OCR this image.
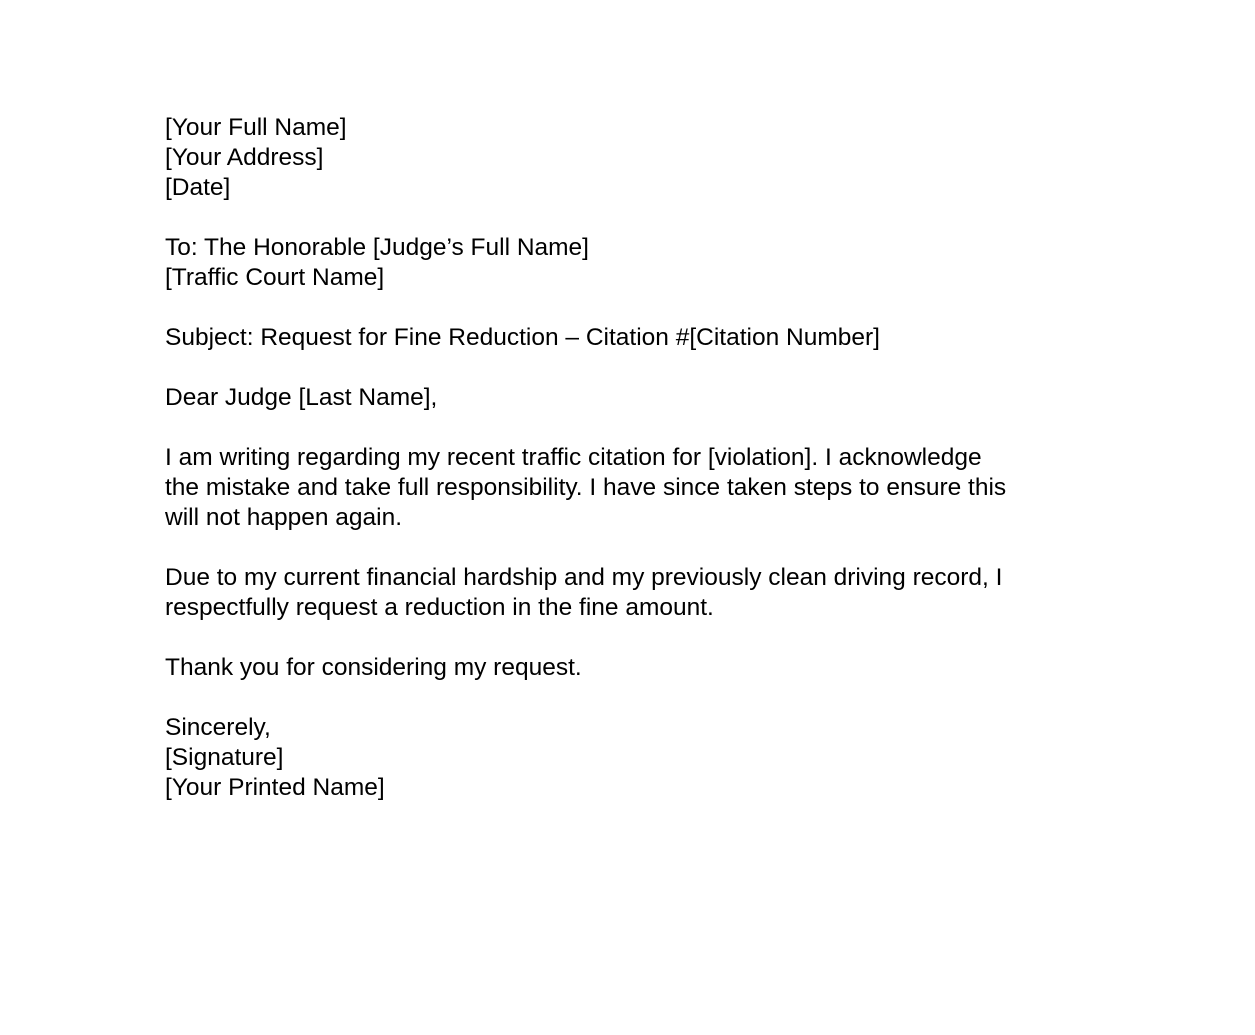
[Your Full Name]
[Your Address]
[Date]
To: The Honorable [Judge’s Full Name]
[Traffic Court Name]
Subject: Request for Fine Reduction – Citation #[Citation Number]
Dear Judge [Last Name],
I am writing regarding my recent traffic citation for [violation]. I acknowledge
the mistake and take full responsibility. I have since taken steps to ensure this
will not happen again.
Due to my current financial hardship and my previously clean driving record, I
respectfully request a reduction in the fine amount.
Thank you for considering my request.
Sincerely,
[Signature]
[Your Printed Name]
